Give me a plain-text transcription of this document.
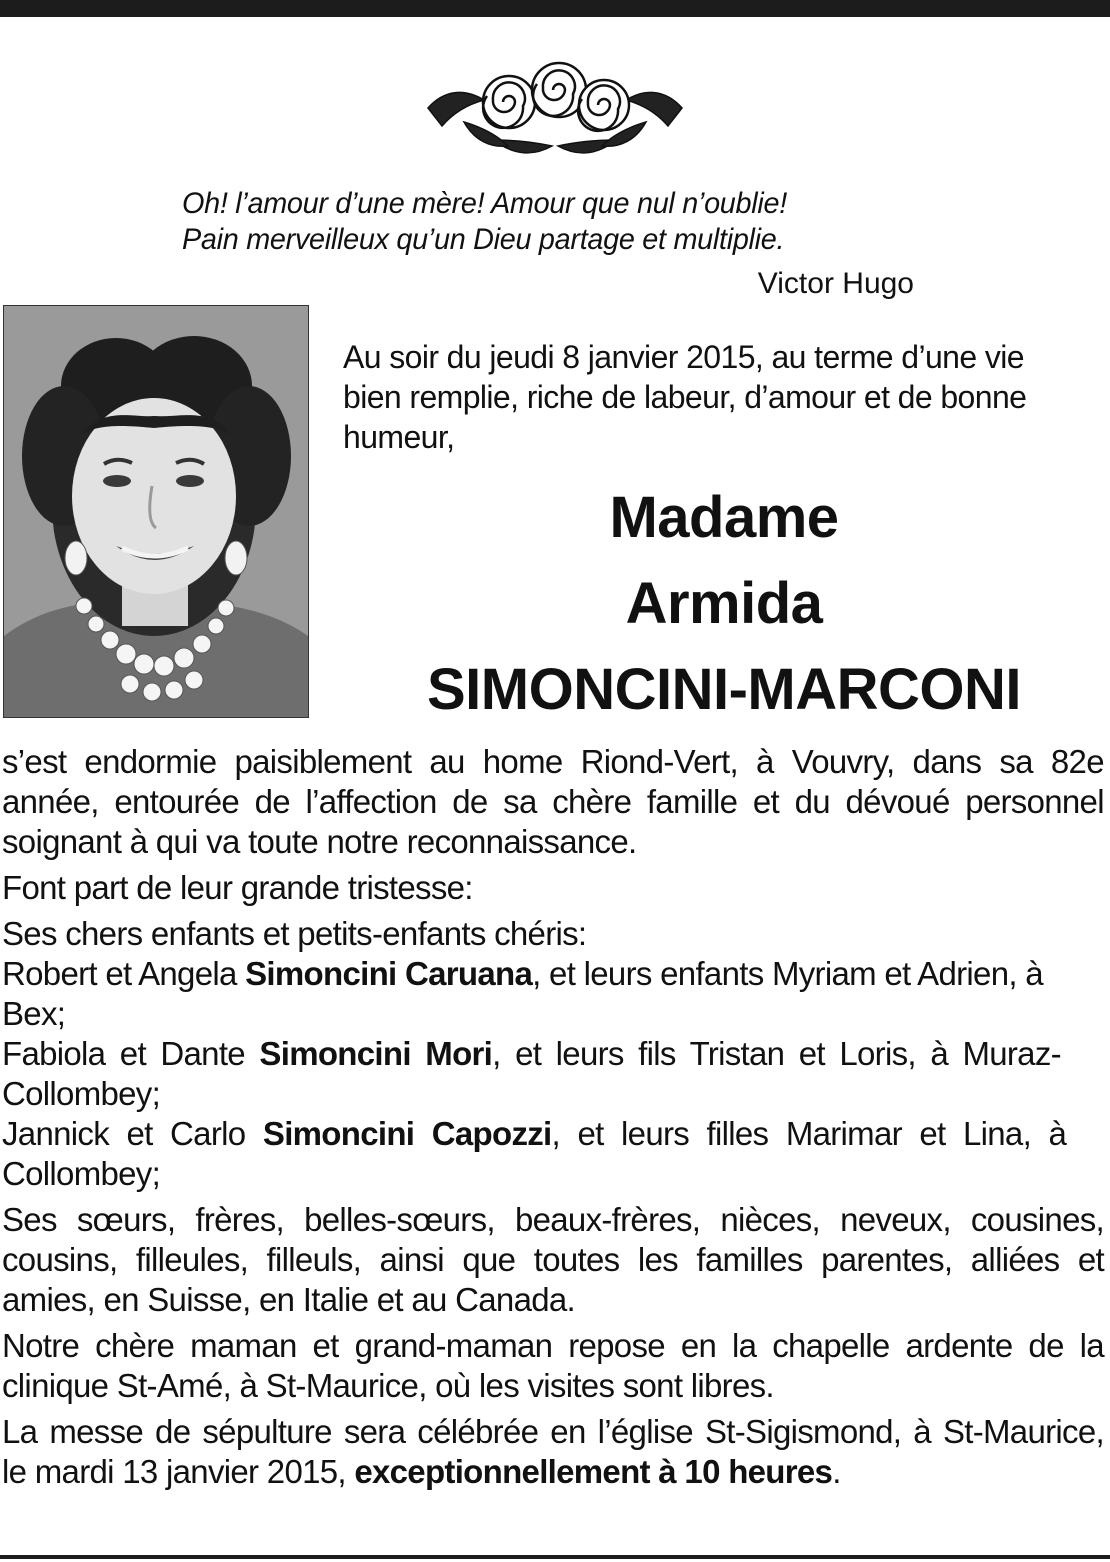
Oh! l’amour d’une mère! Amour que nul n’oublie!
Pain merveilleux qu’un Dieu partage et multiplie.
Victor Hugo
Au soir du jeudi 8 janvier 2015, au terme d’une vie
bien remplie, riche de labeur, d’amour et de bonne
humeur,
Madame
Armida
SIMONCINI-MARCONI

s’est endormie paisiblement au home Riond-Vert, à Vouvry, dans sa 82e
année, entourée de l’affection de sa chère famille et du dévoué personnel
soignant à qui va toute notre reconnaissance.

Font part de leur grande tristesse:

Ses chers enfants et petits-enfants chéris:

Robert et Angela Simoncini Caruana, et leurs enfants Myriam et Adrien, à
Bex;

Fabiola et Dante Simoncini Mori, et leurs fils Tristan et Loris, à Muraz-
Collombey;

Jannick et Carlo Simoncini Capozzi, et leurs filles Marimar et Lina, à
Collombey;

Ses sœurs, frères, belles-sœurs, beaux-frères, nièces, neveux, cousines,
cousins, filleules, filleuls, ainsi que toutes les familles parentes, alliées et
amies, en Suisse, en Italie et au Canada.

Notre chère maman et grand-maman repose en la chapelle ardente de la
clinique St-Amé, à St-Maurice, où les visites sont libres.

La messe de sépulture sera célébrée en l’église St-Sigismond, à St-Maurice,
le mardi 13 janvier 2015, exceptionnellement à 10 heures.
